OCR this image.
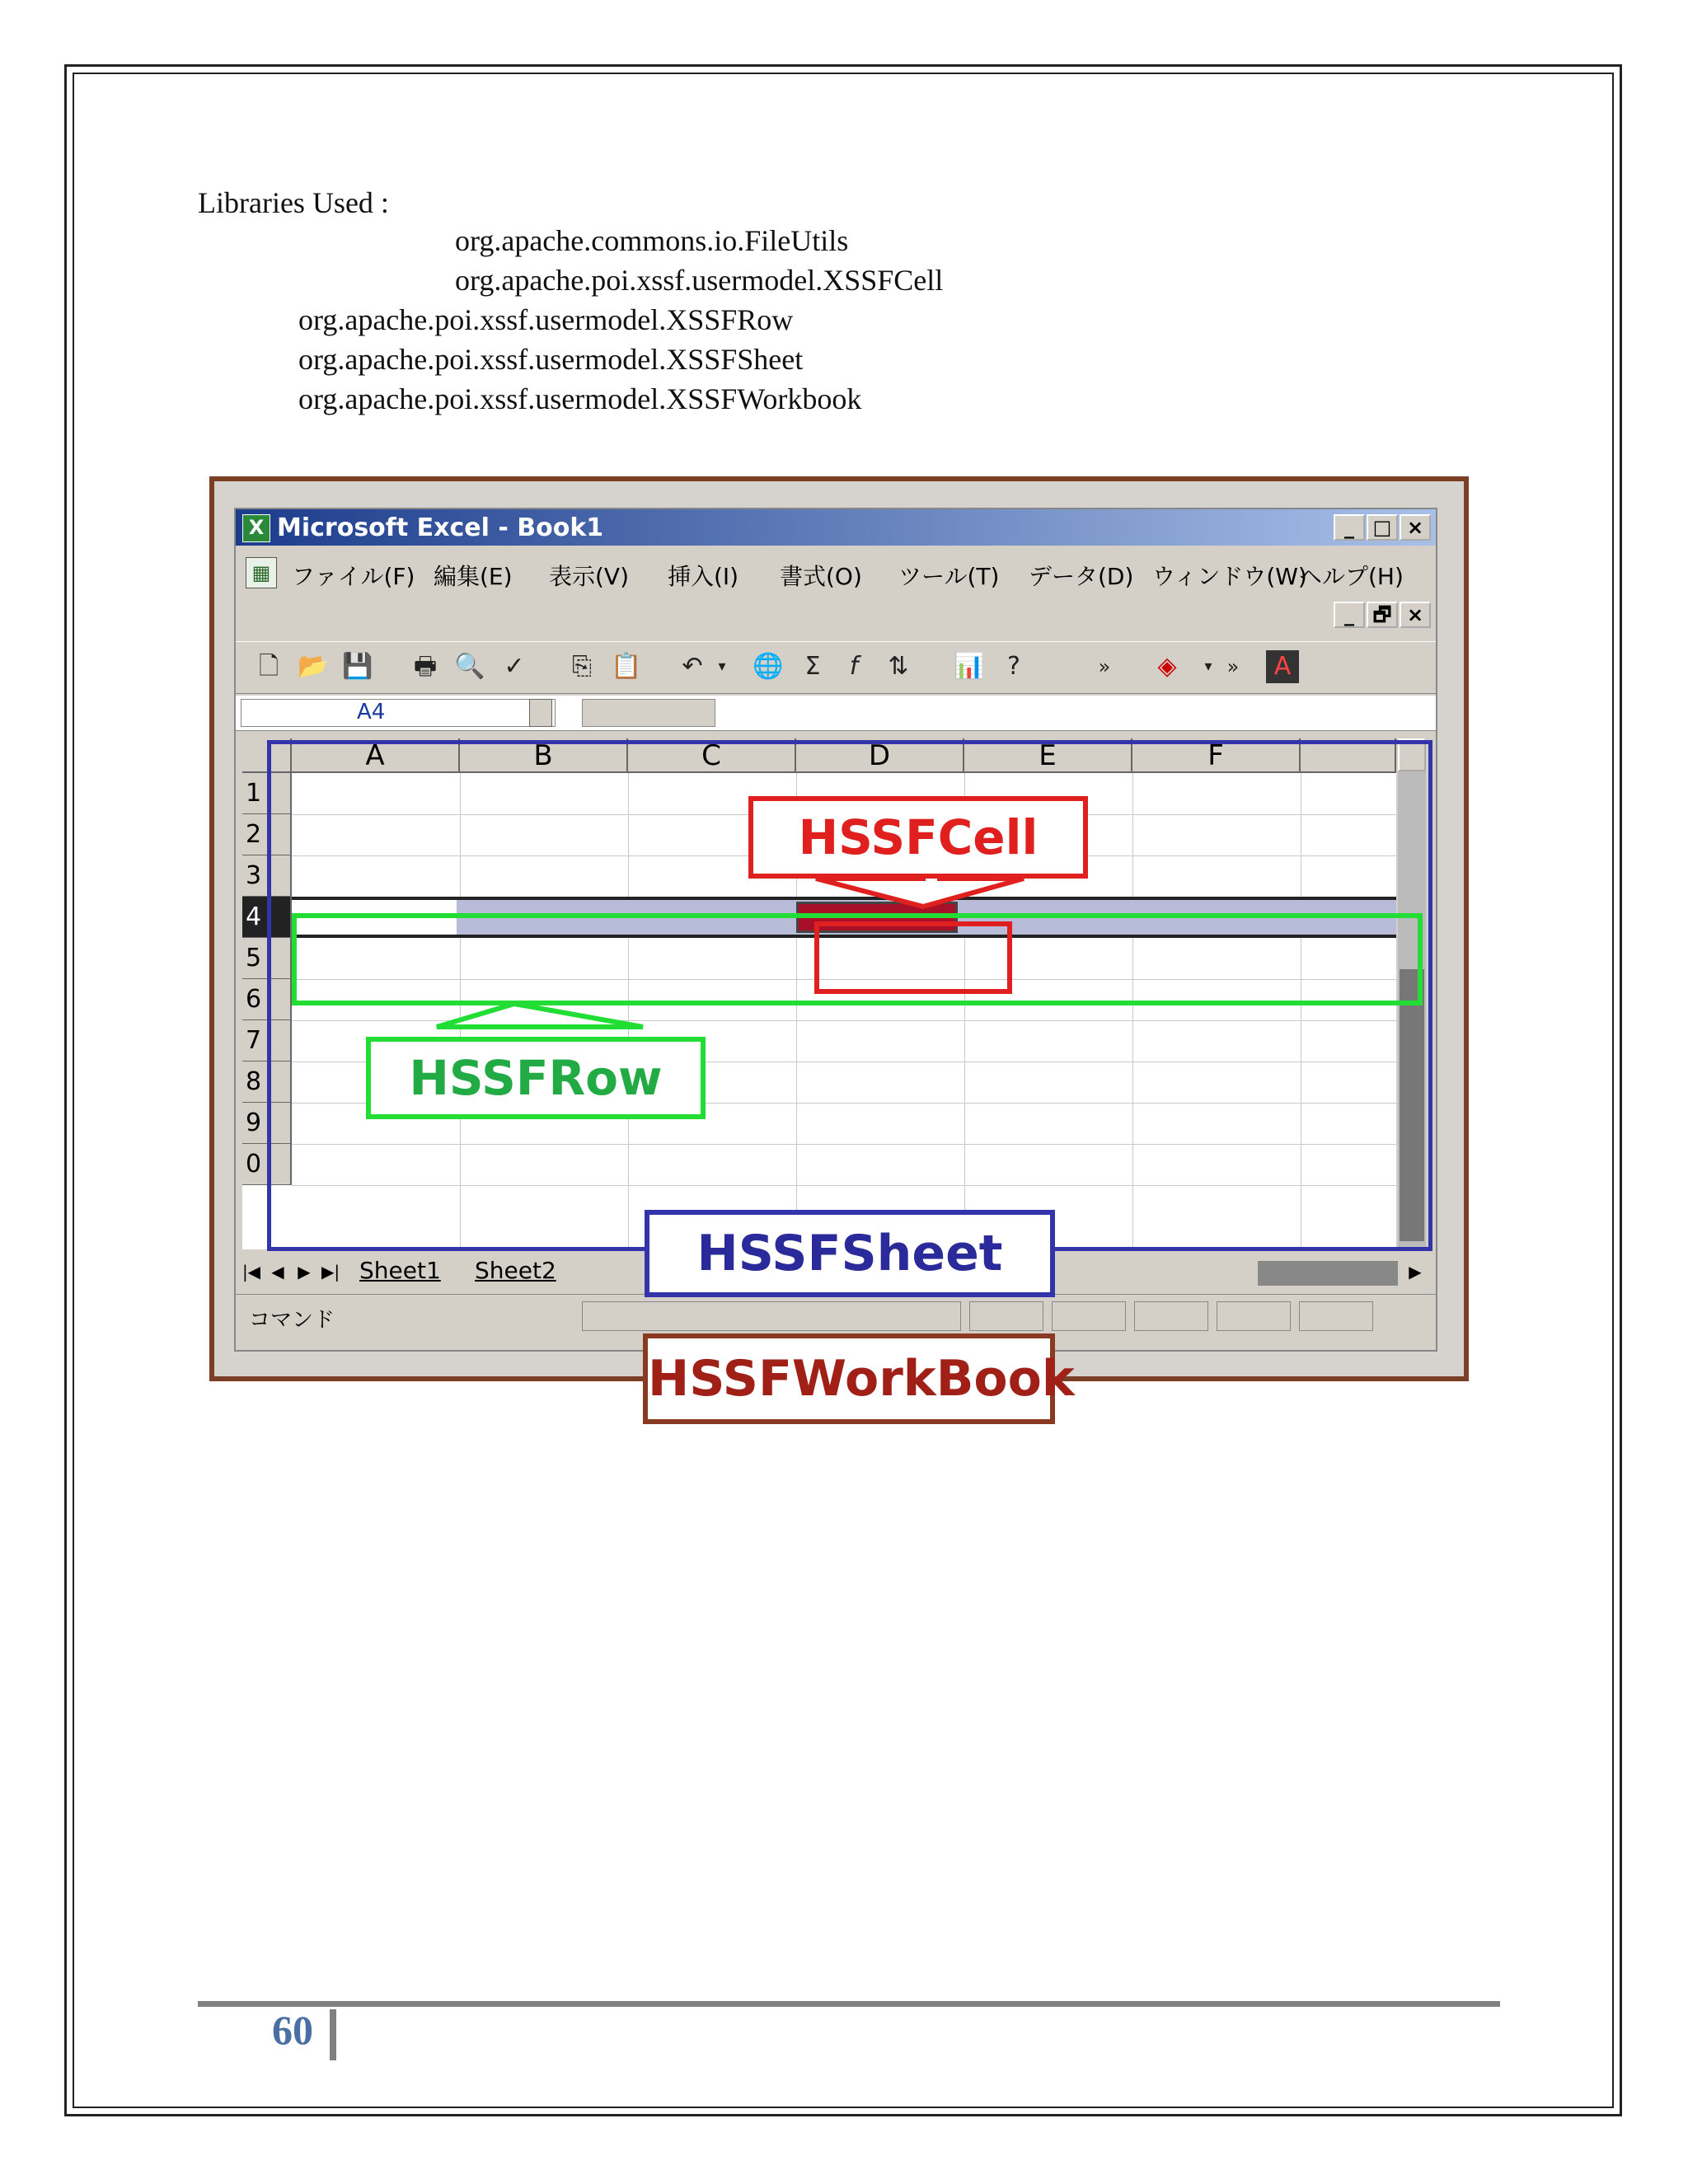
Libraries Used :
org.apache.commons.io.FileUtils
org.apache.poi.xssf.usermodel.XSSFCell
org.apache.poi.xssf.usermodel.XSSFRow
org.apache.poi.xssf.usermodel.XSSFSheet
org.apache.poi.xssf.usermodel.XSSFWorkbook
X Microsoft Excel - Book1	_ □ ×
▦ ファイル(F) 編集(E) 表示(V) 挿入(I) 書式(O) ツール(T) データ(D) ウィンドウ(W)
ヘルプ(H)
_ 🗗 ×
🗋 📂 💾 🖶 🔍 ✓ ⎘ 📋 ↶	▾	🌐 Σ	f	⇅ 📊 ?	»	◈	▾ »	A
A4
A	B	C	D	E	F
1
2
3
4
5
6
7
8
9
0
|◀ ◀ ▶ ▶| Sheet1 Sheet2	▶
コマンド
HSSFCell
HSSFRow
HSSFSheet
HSSFWorkBook
60
